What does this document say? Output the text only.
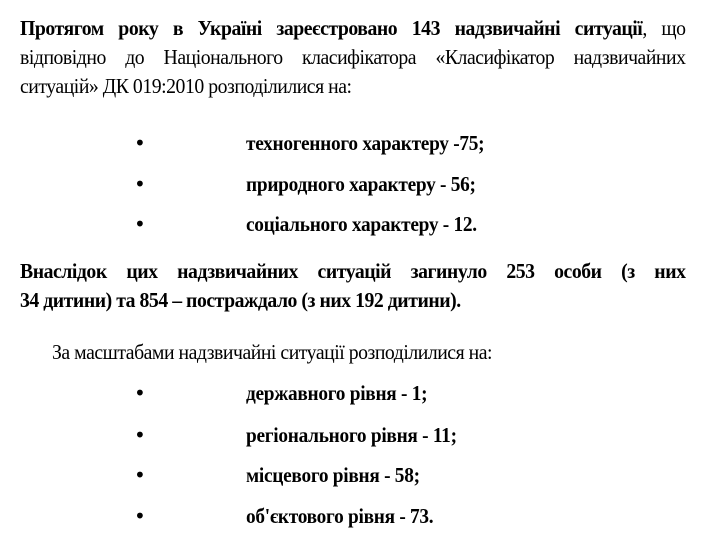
Протягом року в Україні зареєстровано 143 надзвичайні ситуації, що відповідно до Національного класифікатора «Класифікатор надзвичайних
ситуацій» ДК 019:2010 розподілилися на:
•	техногенного характеру -75;
•	природного характеру - 56;
•	соціального характеру - 12.
Внаслідок цих надзвичайних ситуацій загинуло 253 особи (з них
34 дитини) та 854 – постраждало (з них 192 дитини).
За масштабами надзвичайні ситуації розподілилися на:
•	державного рівня - 1;
•	регіонального рівня - 11;
•	місцевого рівня - 58;
•	об'єктового рівня - 73.
